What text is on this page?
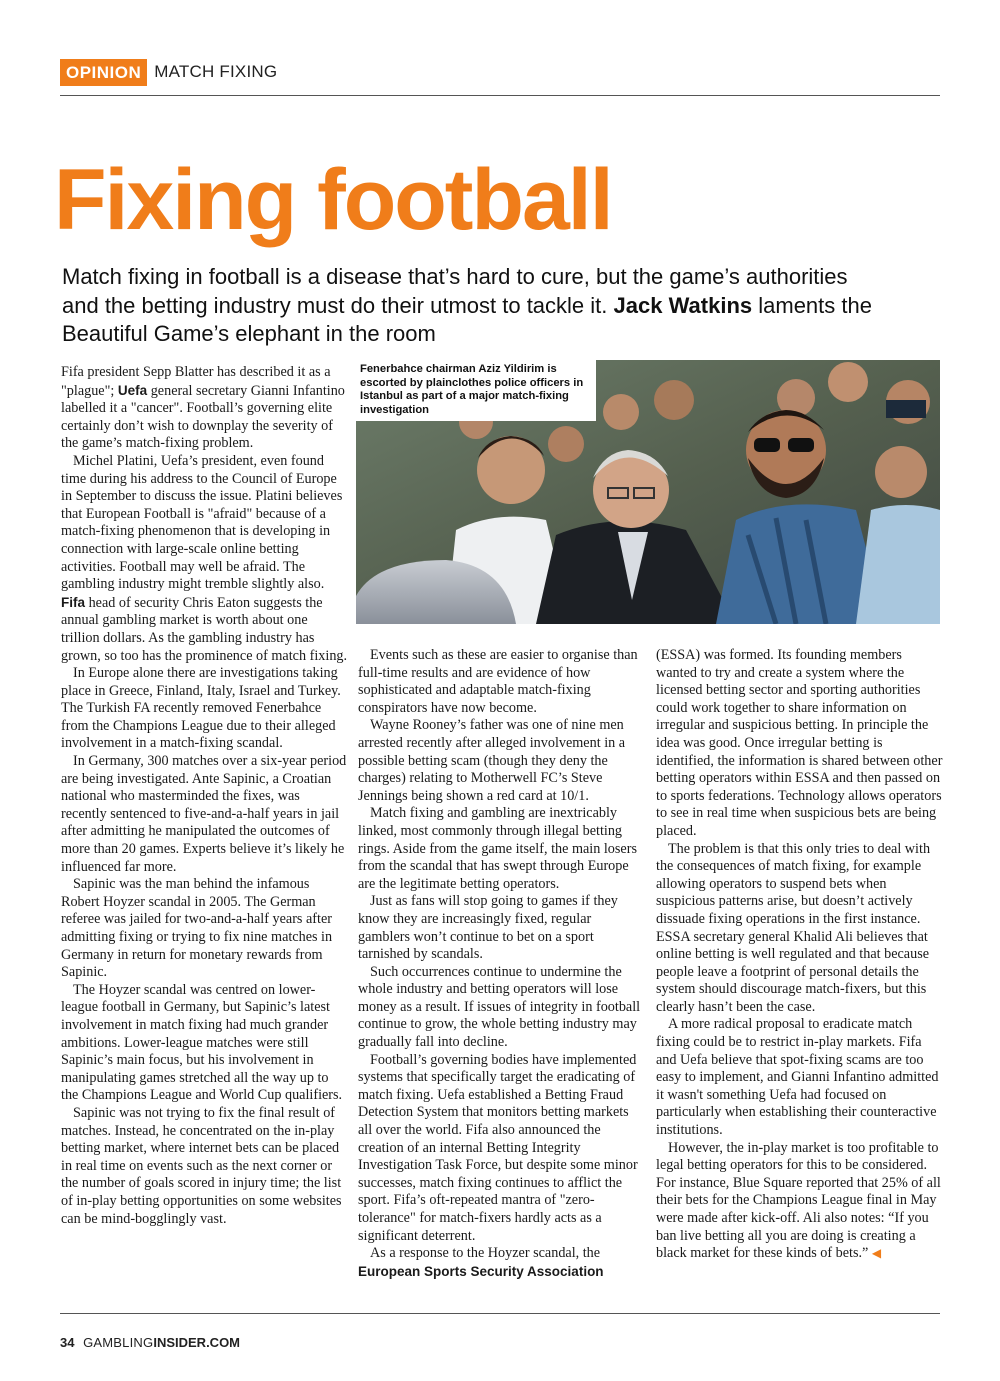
OPINION MATCH FIXING
Fixing football
Match fixing in football is a disease that’s hard to cure, but the game’s authorities and the betting industry must do their utmost to tackle it. Jack Watkins laments the Beautiful Game’s elephant in the room
Fenerbahce chairman Aziz Yildirim is escorted by plainclothes police officers in Istanbul as part of a major match-fixing investigation

Fifa president Sepp Blatter has described it as a "plague"; Uefa general secretary Gianni Infantino labelled it a "cancer". Football’s governing elite certainly don’t wish to downplay the severity of the game’s match-fixing problem.

Michel Platini, Uefa’s president, even found time during his address to the Council of Europe in September to discuss the issue. Platini believes that European Football is "afraid" because of a match-fixing phenomenon that is developing in connection with large-scale online betting activities. Football may well be afraid. The gambling industry might tremble slightly also. Fifa head of security Chris Eaton suggests the annual gambling market is worth about one trillion dollars. As the gambling industry has grown, so too has the prominence of match fixing.

In Europe alone there are investigations taking place in Greece, Finland, Italy, Israel and Turkey. The Turkish FA recently removed Fenerbahce from the Champions League due to their alleged involvement in a match-fixing scandal.

In Germany, 300 matches over a six-year period are being investigated. Ante Sapinic, a Croatian national who masterminded the fixes, was recently sentenced to five-and-a-half years in jail after admitting he manipulated the outcomes of more than 20 games. Experts believe it’s likely he influenced far more.

Sapinic was the man behind the infamous Robert Hoyzer scandal in 2005. The German referee was jailed for two-and-a-half years after admitting fixing or trying to fix nine matches in Germany in return for monetary rewards from Sapinic.

The Hoyzer scandal was centred on lower-league football in Germany, but Sapinic’s latest involvement in match fixing had much grander ambitions. Lower-league matches were still Sapinic’s main focus, but his involvement in manipulating games stretched all the way up to the Champions League and World Cup qualifiers.

Sapinic was not trying to fix the final result of matches. Instead, he concentrated on the in-play betting market, where internet bets can be placed in real time on events such as the next corner or the number of goals scored in injury time; the list of in-play betting opportunities on some websites can be mind-bogglingly vast.

Events such as these are easier to organise than full-time results and are evidence of how sophisticated and adaptable match-fixing conspirators have now become.

Wayne Rooney’s father was one of nine men arrested recently after alleged involvement in a possible betting scam (though they deny the charges) relating to Motherwell FC’s Steve Jennings being shown a red card at 10/1.

Match fixing and gambling are inextricably linked, most commonly through illegal betting rings. Aside from the game itself, the main losers from the scandal that has swept through Europe are the legitimate betting operators.

Just as fans will stop going to games if they know they are increasingly fixed, regular gamblers won’t continue to bet on a sport tarnished by scandals.

Such occurrences continue to undermine the whole industry and betting operators will lose money as a result. If issues of integrity in football continue to grow, the whole betting industry may gradually fall into decline.

Football’s governing bodies have implemented systems that specifically target the eradicating of match fixing. Uefa established a Betting Fraud Detection System that monitors betting markets all over the world. Fifa also announced the creation of an internal Betting Integrity Investigation Task Force, but despite some minor successes, match fixing continues to afflict the sport. Fifa’s oft-repeated mantra of "zero-tolerance" for match-fixers hardly acts as a significant deterrent.

As a response to the Hoyzer scandal, the European Sports Security Association

(ESSA) was formed. Its founding members wanted to try and create a system where the licensed betting sector and sporting authorities could work together to share information on irregular and suspicious betting. In principle the idea was good. Once irregular betting is identified, the information is shared between other betting operators within ESSA and then passed on to sports federations. Technology allows operators to see in real time when suspicious bets are being placed.

The problem is that this only tries to deal with the consequences of match fixing, for example allowing operators to suspend bets when suspicious patterns arise, but doesn’t actively dissuade fixing operations in the first instance. ESSA secretary general Khalid Ali believes that online betting is well regulated and that because people leave a footprint of personal details the system should discourage match-fixers, but this clearly hasn’t been the case.

A more radical proposal to eradicate match fixing could be to restrict in-play markets. Fifa and Uefa believe that spot-fixing scams are too easy to implement, and Gianni Infantino admitted it wasn't something Uefa had focused on particularly when establishing their counteractive institutions.

However, the in-play market is too profitable to legal betting operators for this to be considered. For instance, Blue Square reported that 25% of all their bets for the Champions League final in May were made after kick-off. Ali also notes: “If you ban live betting all you are doing is creating a black market for these kinds of bets.” ◀

34 GAMBLINGINSIDER.COM
